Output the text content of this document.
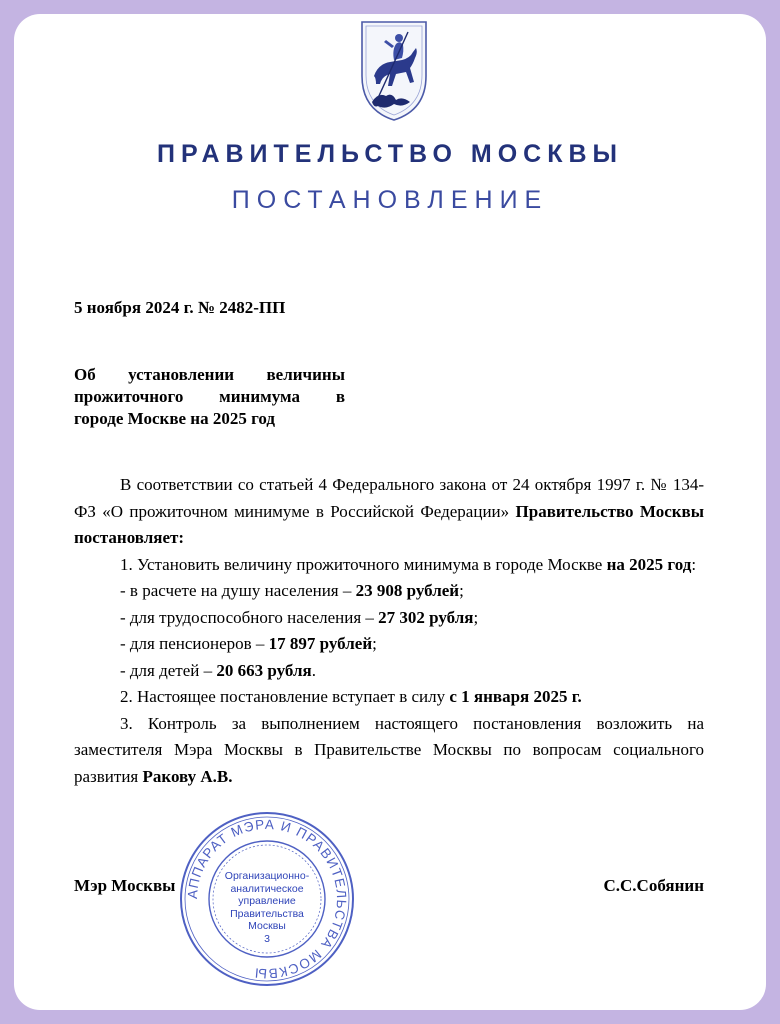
ПРАВИТЕЛЬСТВО МОСКВЫ
ПОСТАНОВЛЕНИЕ
5 ноября 2024 г. № 2482-ПП
Об установлении величины
прожиточного минимума в
городе Москве на 2025 год

В соответствии со статьей 4 Федерального закона от 24 октября 1997 г. № 134-ФЗ «О прожиточном минимуме в Российской Федерации» Правительство Москвы постановляет:

1. Установить величину прожиточного минимума в городе Москве на 2025 год:

- в расчете на душу населения – 23 908 рублей;

- для трудоспособного населения – 27 302 рубля;

- для пенсионеров – 17 897 рублей;

- для детей – 20 663 рубля.

2. Настоящее постановление вступает в силу с 1 января 2025 г.

3. Контроль за выполнением настоящего постановления возложить на заместителя Мэра Москвы в Правительстве Москвы по вопросам социального развития Ракову А.В.

Мэр Москвы	С.С.Собянин
АППАРАТ МЭРА И ПРАВИТЕЛЬСТВА МОСКВЫ
Организационно-
аналитическое
управление
Правительства
Москвы
3
